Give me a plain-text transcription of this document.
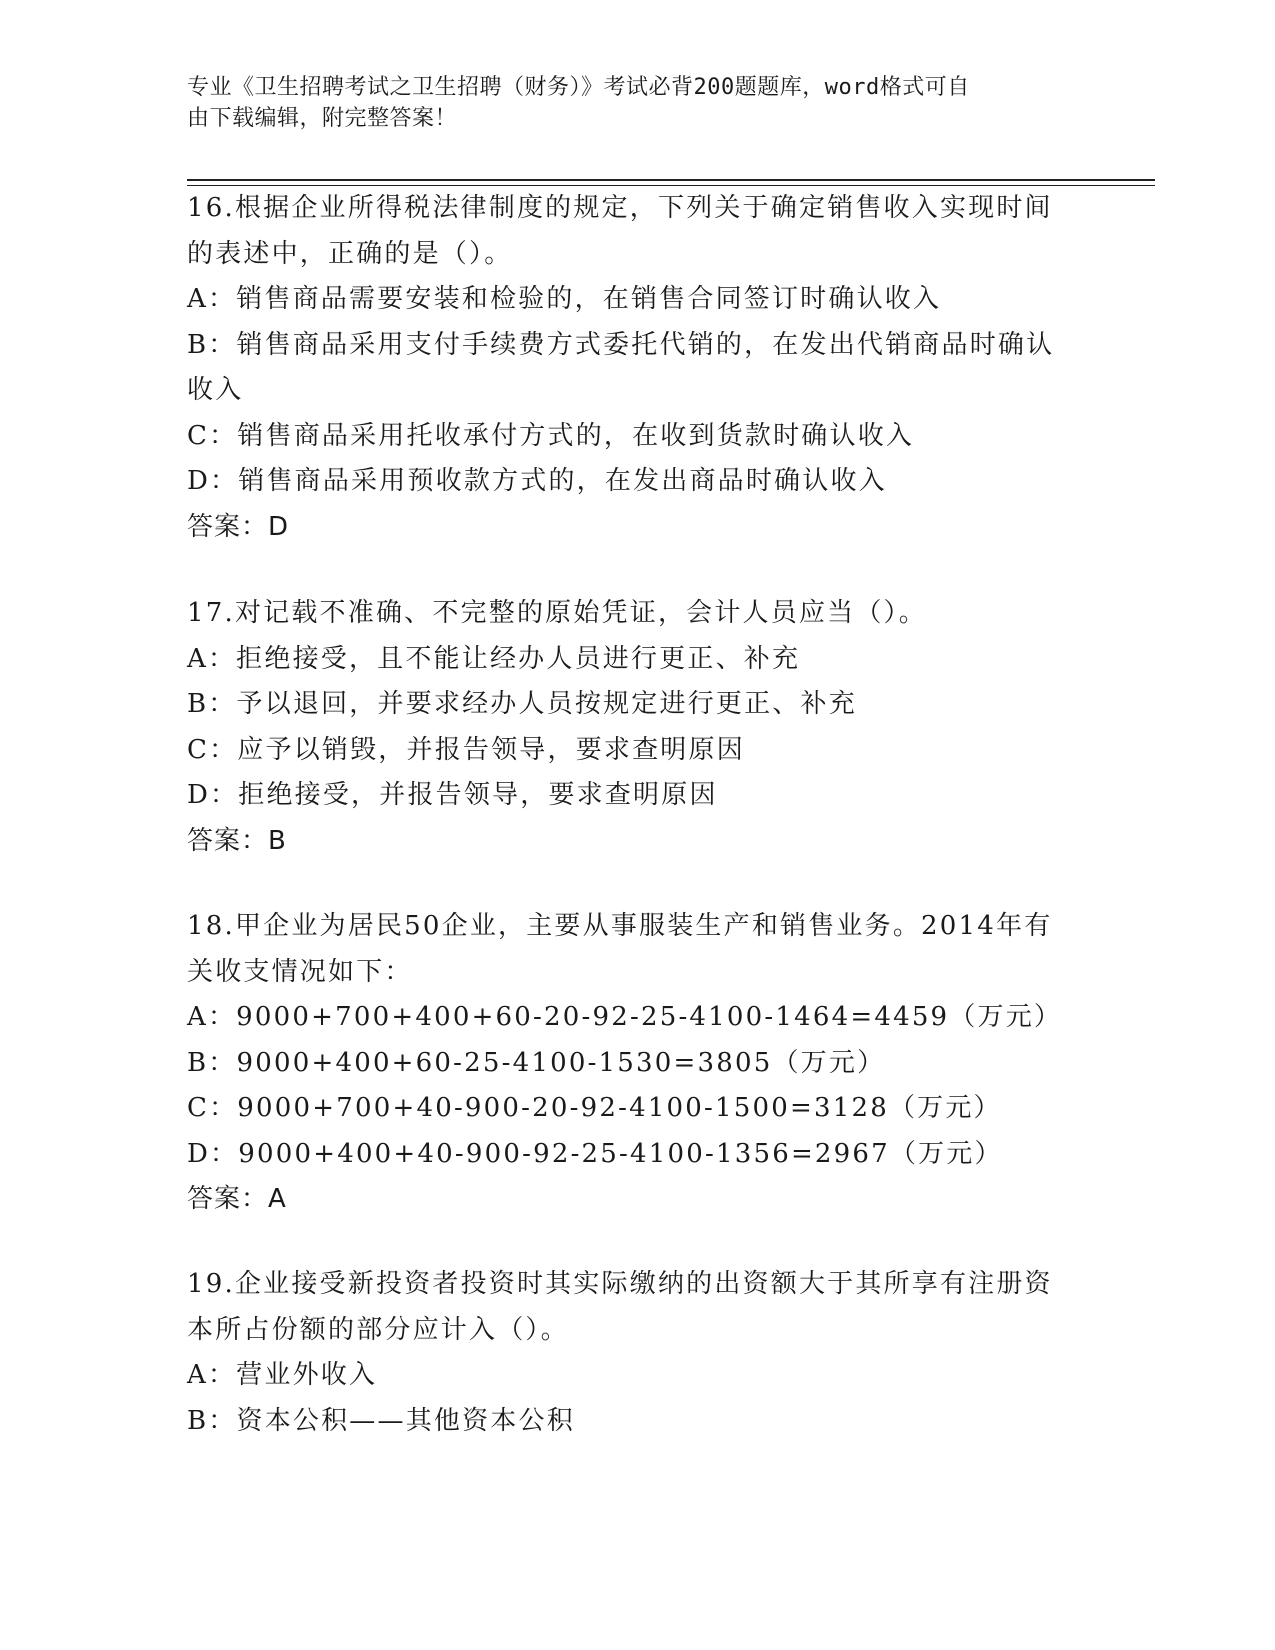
专业《卫生招聘考试之卫生招聘（财务）》考试必背200题题库，word格式可自
由下载编辑，附完整答案！
16.根据企业所得税法律制度的规定，下列关于确定销售收入实现时间
的表述中，正确的是（）。
A：销售商品需要安装和检验的，在销售合同签订时确认收入
B：销售商品采用支付手续费方式委托代销的，在发出代销商品时确认
收入
C：销售商品采用托收承付方式的，在收到货款时确认收入
D：销售商品采用预收款方式的，在发出商品时确认收入
答案：D
17.对记载不准确、不完整的原始凭证，会计人员应当（）。
A：拒绝接受，且不能让经办人员进行更正、补充
B：予以退回，并要求经办人员按规定进行更正、补充
C：应予以销毁，并报告领导，要求查明原因
D：拒绝接受，并报告领导，要求查明原因
答案：B
18.甲企业为居民50企业，主要从事服装生产和销售业务。2014年有
关收支情况如下：
A：9000+700+400+60-20-92-25-4100-1464=4459（万元）
B：9000+400+60-25-4100-1530=3805（万元）
C：9000+700+40-900-20-92-4100-1500=3128（万元）
D：9000+400+40-900-92-25-4100-1356=2967（万元）
答案：A
19.企业接受新投资者投资时其实际缴纳的出资额大于其所享有注册资
本所占份额的部分应计入（）。
A：营业外收入
B：资本公积——其他资本公积
